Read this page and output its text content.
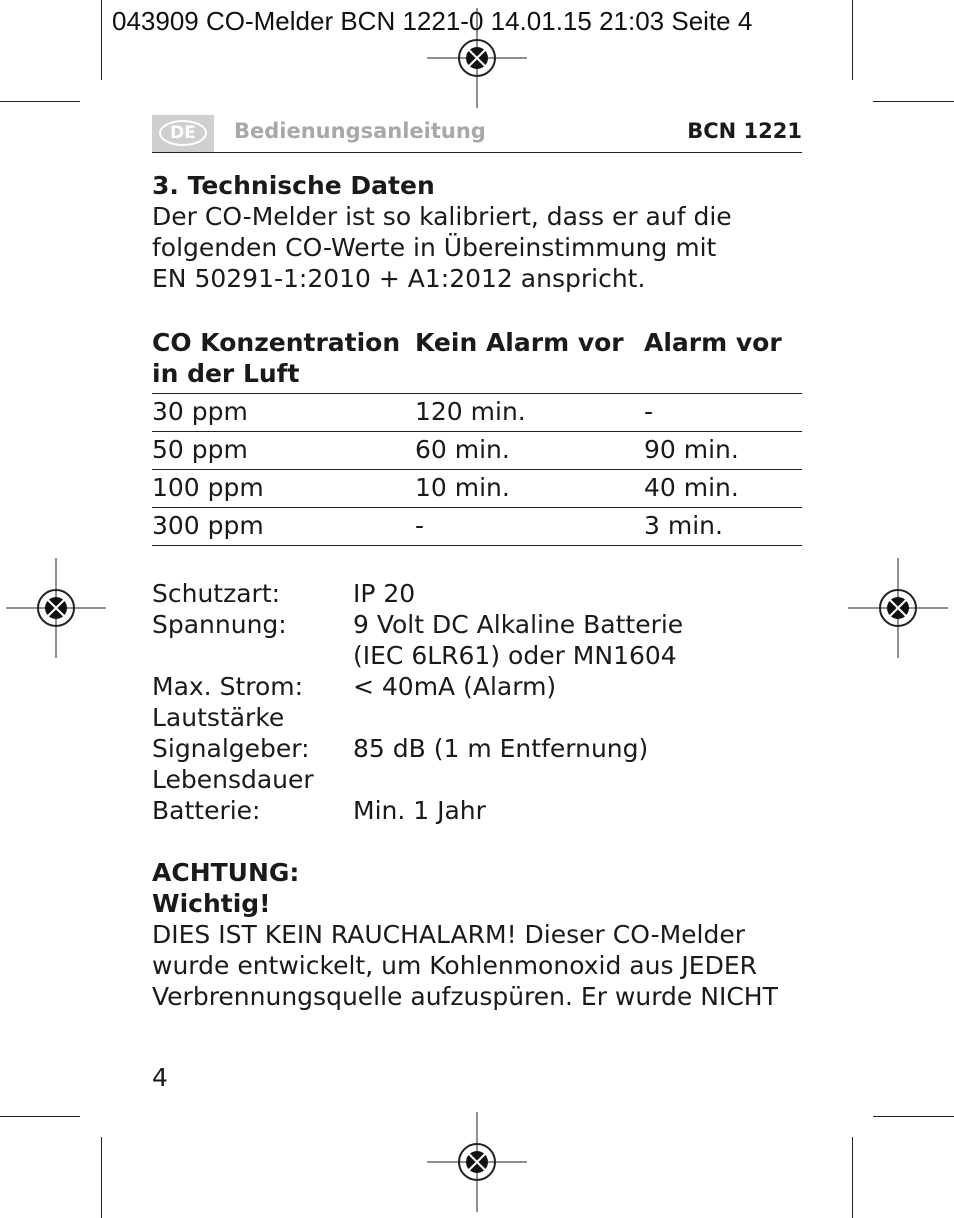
043909 CO-Melder BCN 1221-0 14.01.15 21:03 Seite 4
DE	Bedienungsanleitung	BCN 1221

3. Technische Daten

Der CO-Melder ist so kalibriert, dass er auf die
folgenden CO-Werte in Übereinstimmung mit
EN 50291-1:2010 + A1:2012 anspricht.

CO Konzentration in der Luft	Kein Alarm vor	Alarm vor
30 ppm	120 min.	-
50 ppm	60 min.	90 min.
100 ppm	10 min.	40 min.
300 ppm	-	3 min.
Schutzart:	IP 20
Spannung:	9 Volt DC Alkaline Batterie
(IEC 6LR61) oder MN1604
Max. Strom:	< 40mA (Alarm)
Lautstärke
Signalgeber:	85 dB (1 m Entfernung)
Lebensdauer
Batterie:	Min. 1 Jahr

ACHTUNG:
Wichtig!

DIES IST KEIN RAUCHALARM! Dieser CO-Melder
wurde entwickelt, um Kohlenmonoxid aus JEDER
Verbrennungsquelle aufzuspüren. Er wurde NICHT

4
